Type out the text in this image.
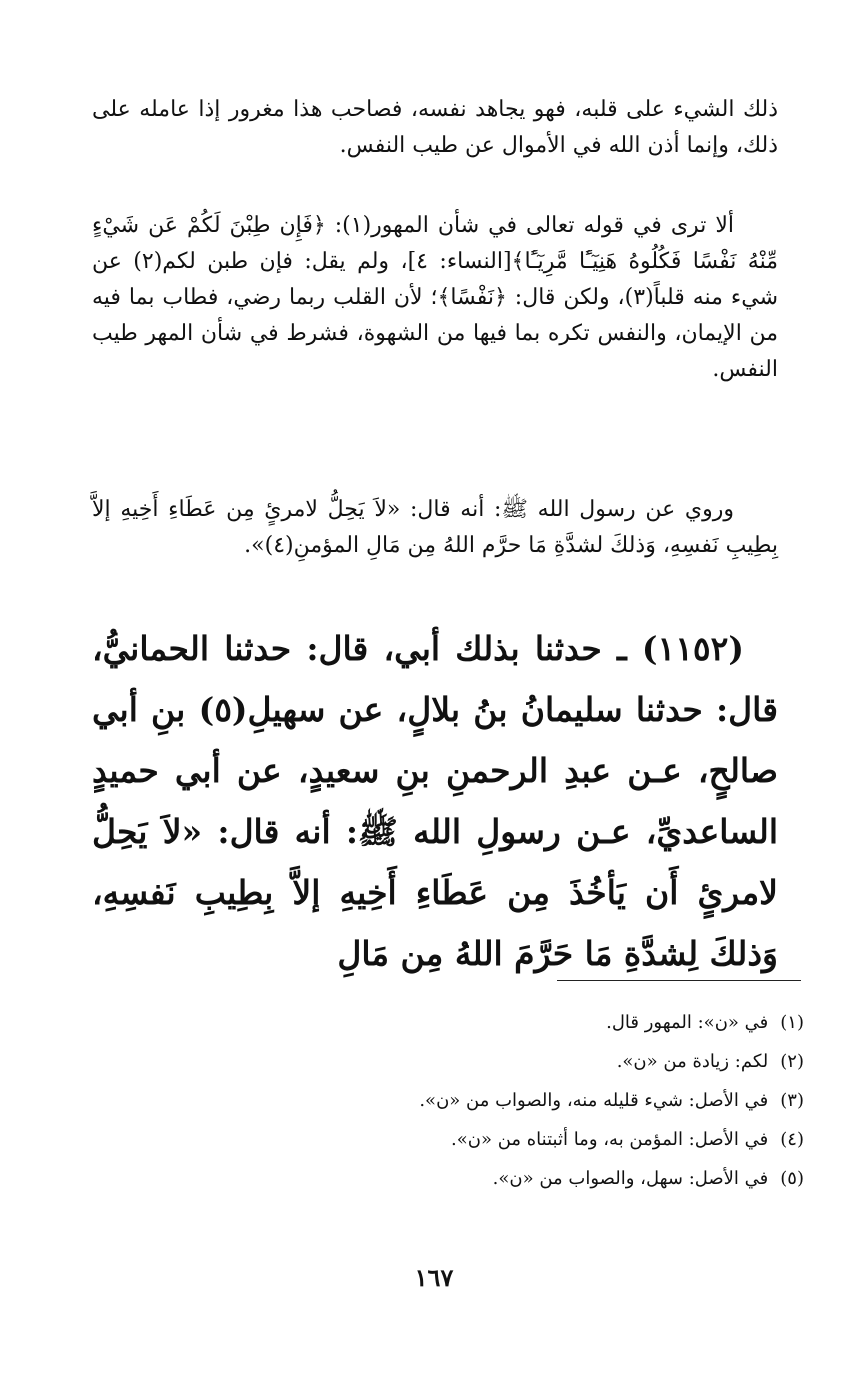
ذلك الشيء على قلبه، فهو يجاهد نفسه، فصاحب هذا مغرور إذا عامله على ذلك، وإنما أذن الله في الأموال عن طيب النفس.

ألا ترى في قوله تعالى في شأن المهور(١): ﴿فَإِن طِبْنَ لَكُمْ عَن شَيْءٍ مِّنْهُ نَفْسًا فَكُلُوهُ هَنِيٓـًٔا مَّرِيٓـًٔا﴾[النساء: ٤]، ولم يقل: فإن طبن لكم(٢) عن شيء منه قلباً(٣)، ولكن قال: ﴿نَفْسًا﴾؛ لأن القلب ربما رضي، فطاب بما فيه من الإيمان، والنفس تكره بما فيها من الشهوة، فشرط في شأن المهر طيب النفس.

وروي عن رسول الله ﷺ: أنه قال: «لاَ يَحِلُّ لامرئٍ مِن عَطَاءِ أَخِيهِ إلاَّ بِطِيبِ نَفسِهِ، وَذلكَ لشدَّةِ مَا حرَّم اللهُ مِن مَالِ المؤمنِ(٤)».

(١١٥٢) ـ حدثنا بذلك أبي، قال: حدثنا الحمانيُّ، قال: حدثنا سليمانُ بنُ بلالٍ، عن سهيلِ(٥) بنِ أبي صالحٍ، عـن عبدِ الرحمنِ بنِ سعيدٍ، عن أبي حميدٍ الساعديِّ، عـن رسولِ الله ﷺ: أنه قال: «لاَ يَحِلُّ لامرئٍ أَن يَأخُذَ مِن عَطَاءِ أَخِيهِ إلاَّ بِطِيبِ نَفسِهِ، وَذلكَ لِشدَّةِ مَا حَرَّمَ اللهُ مِن مَالِ

(١)في «ن»: المهور قال.
(٢)لكم: زيادة من «ن».
(٣)في الأصل: شيء قليله منه، والصواب من «ن».
(٤)في الأصل: المؤمن به، وما أثبتناه من «ن».
(٥)في الأصل: سهل، والصواب من «ن».
١٦٧
